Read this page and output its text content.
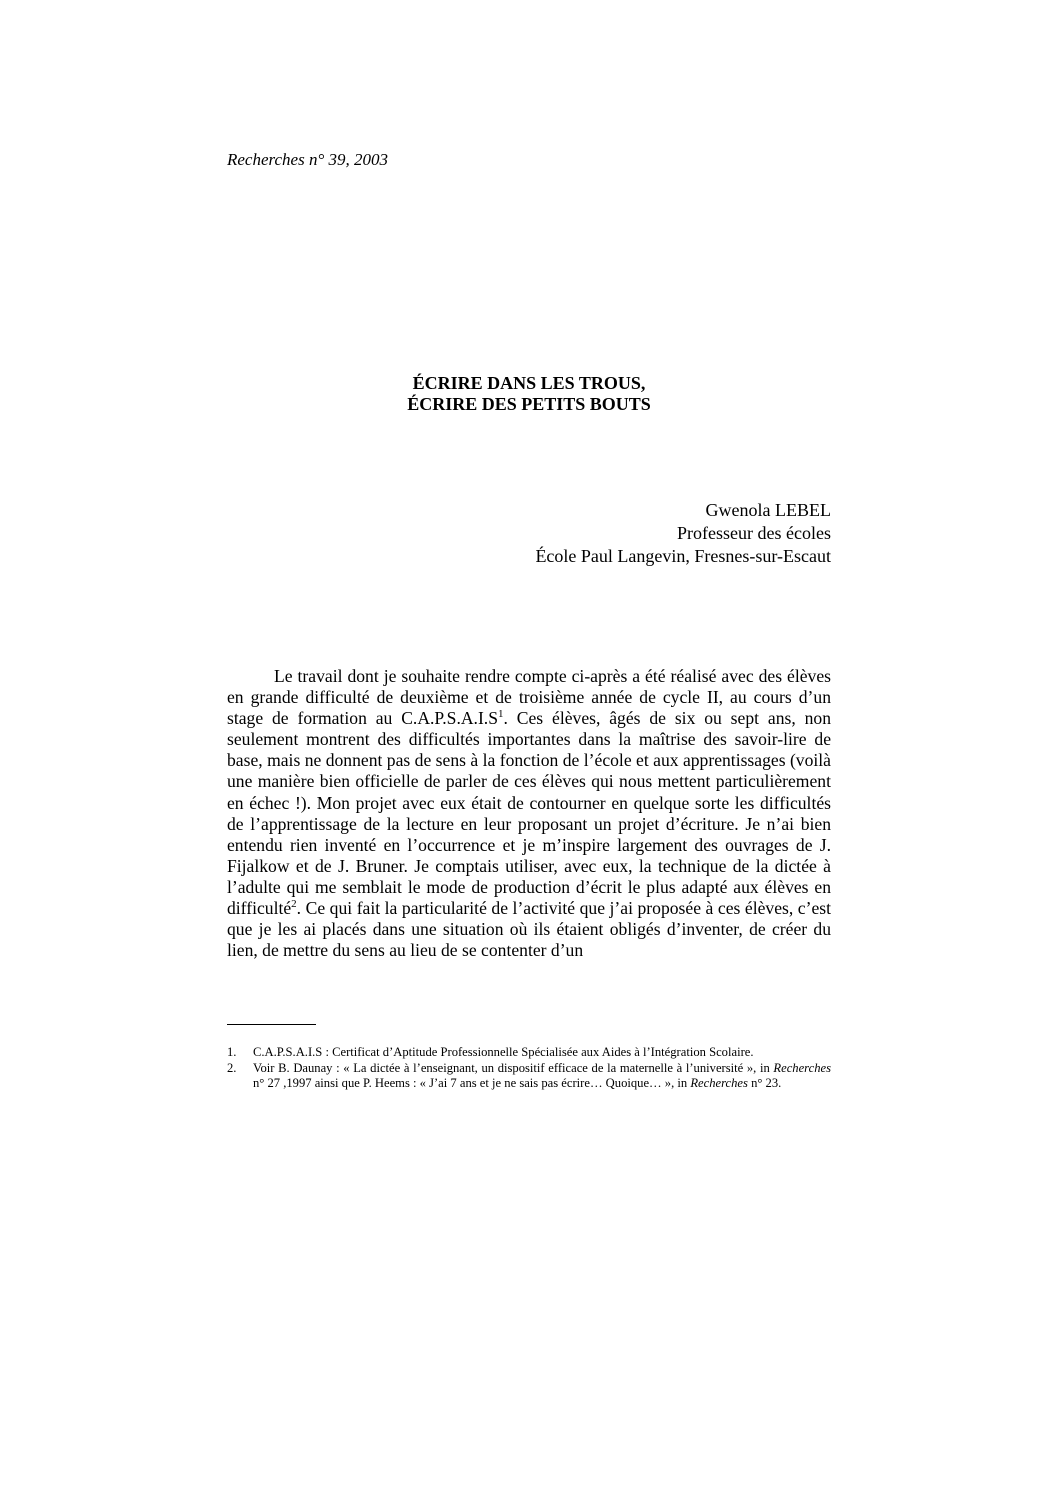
Recherches n° 39, 2003
ÉCRIRE DANS LES TROUS,
ÉCRIRE DES PETITS BOUTS
Gwenola LEBEL
Professeur des écoles
École Paul Langevin, Fresnes-sur-Escaut

Le travail dont je souhaite rendre compte ci-après a été réalisé avec des élèves en grande difficulté de deuxième et de troisième année de cycle II, au cours d’un stage de formation au C.A.P.S.A.I.S$^1$. Ces élèves, âgés de six ou sept ans, non seulement montrent des difficultés importantes dans la maîtrise des savoir-lire de base, mais ne donnent pas de sens à la fonction de l’école et aux apprentissages (voilà une manière bien officielle de parler de ces élèves qui nous mettent particulièrement en échec !). Mon projet avec eux était de contourner en quelque sorte les difficultés de l’apprentissage de la lecture en leur proposant un projet d’écriture. Je n’ai bien entendu rien inventé en l’occurrence et je m’inspire largement des ouvrages de J. Fijalkow et de J. Bruner. Je comptais utiliser, avec eux, la technique de la dictée à l’adulte qui me semblait le mode de production d’écrit le plus adapté aux élèves en difficulté$^2$. Ce qui fait la particularité de l’activité que j’ai proposée à ces élèves, c’est que je les ai placés dans une situation où ils étaient obligés d’inventer, de créer du lien, de mettre du sens au lieu de se contenter d’un

1. C.A.P.S.A.I.S : Certificat d’Aptitude Professionnelle Spécialisée aux Aides à l’Intégration Scolaire.
2. Voir B. Daunay : « La dictée à l’enseignant, un dispositif efficace de la maternelle à l’université », in Recherches n° 27 ,1997 ainsi que P. Heems : « J’ai 7 ans et je ne sais pas écrire… Quoique… », in Recherches n° 23.
